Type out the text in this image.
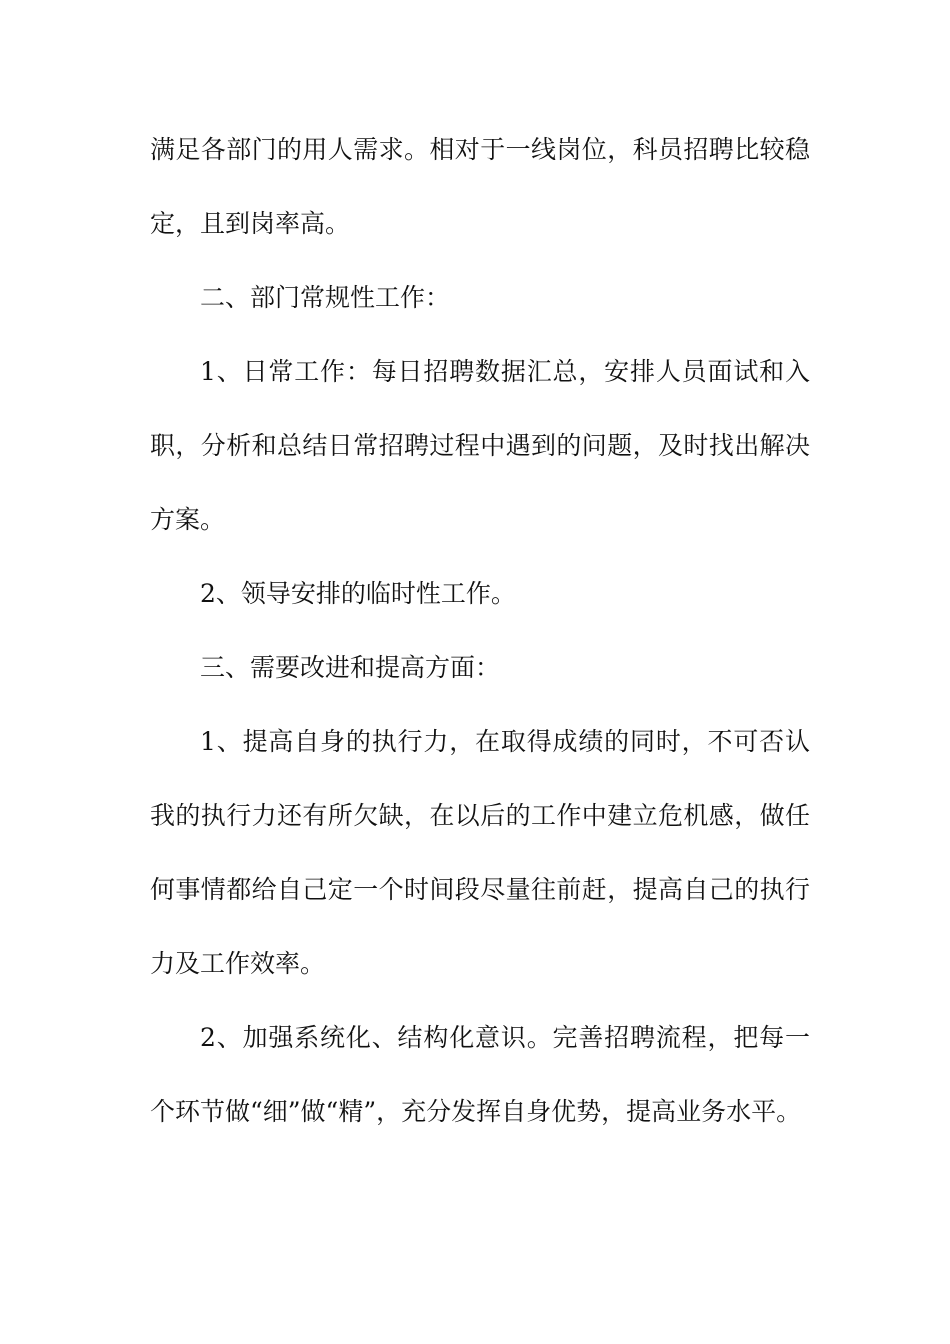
满足各部门的用人需求。相对于一线岗位，科员招聘比较稳定，且到岗率高。

二、部门常规性工作：

1、日常工作：每日招聘数据汇总，安排人员面试和入职，分析和总结日常招聘过程中遇到的问题，及时找出解决方案。

2、领导安排的临时性工作。

三、需要改进和提高方面：

1、提高自身的执行力，在取得成绩的同时，不可否认我的执行力还有所欠缺，在以后的工作中建立危机感，做任何事情都给自己定一个时间段尽量往前赶，提高自己的执行力及工作效率。

2、加强系统化、结构化意识。完善招聘流程，把每一个环节做“细”做“精”，充分发挥自身优势，提高业务水平。
